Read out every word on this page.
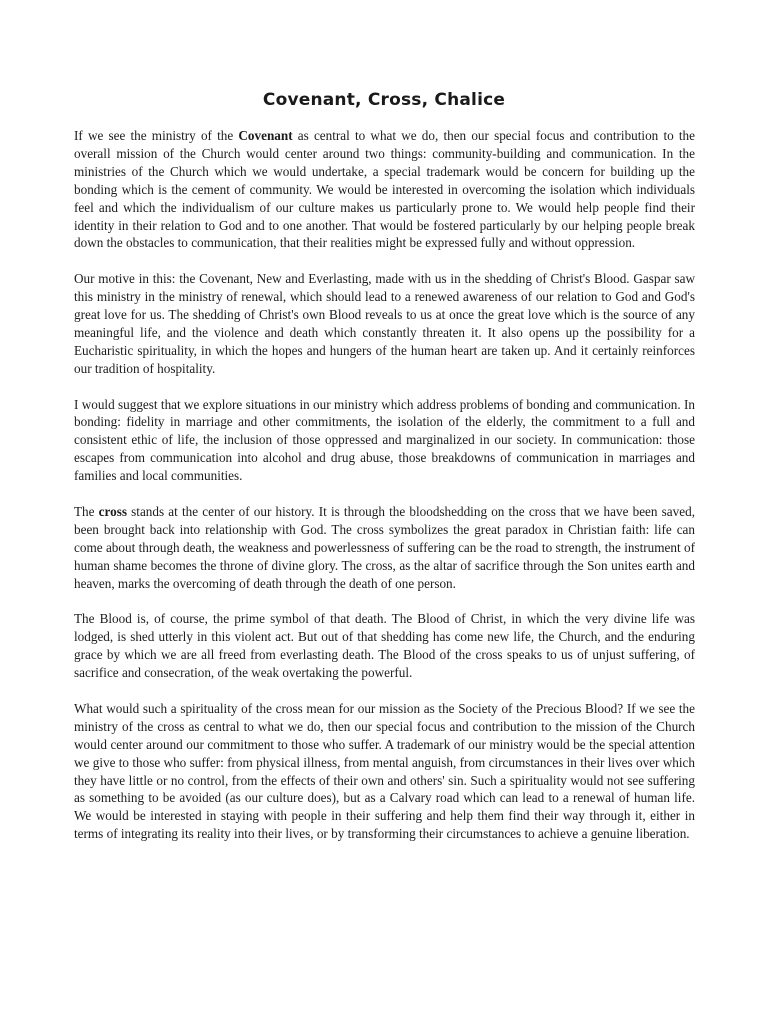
Covenant, Cross, Chalice

If we see the ministry of the Covenant as central to what we do, then our special focus and contribution to the overall mission of the Church would center around two things: community-building and communication. In the ministries of the Church which we would undertake, a special trademark would be concern for building up the bonding which is the cement of community. We would be interested in overcoming the isolation which individuals feel and which the individualism of our culture makes us particularly prone to. We would help people find their identity in their relation to God and to one another. That would be fostered particularly by our helping people break down the obstacles to communication, that their realities might be expressed fully and without oppression.

Our motive in this: the Covenant, New and Everlasting, made with us in the shedding of Christ's Blood. Gaspar saw this ministry in the ministry of renewal, which should lead to a renewed awareness of our relation to God and God's great love for us. The shedding of Christ's own Blood reveals to us at once the great love which is the source of any meaningful life, and the violence and death which constantly threaten it. It also opens up the possibility for a Eucharistic spirituality, in which the hopes and hungers of the human heart are taken up. And it certainly reinforces our tradition of hospitality.

I would suggest that we explore situations in our ministry which address problems of bonding and communication. In bonding: fidelity in marriage and other commitments, the isolation of the elderly, the commitment to a full and consistent ethic of life, the inclusion of those oppressed and marginalized in our society. In communication: those escapes from communication into alcohol and drug abuse, those breakdowns of communication in marriages and families and local communities.

The cross stands at the center of our history. It is through the bloodshedding on the cross that we have been saved, been brought back into relationship with God. The cross symbolizes the great paradox in Christian faith: life can come about through death, the weakness and powerlessness of suffering can be the road to strength, the instrument of human shame becomes the throne of divine glory. The cross, as the altar of sacrifice through the Son unites earth and heaven, marks the overcoming of death through the death of one person.

The Blood is, of course, the prime symbol of that death. The Blood of Christ, in which the very divine life was lodged, is shed utterly in this violent act. But out of that shedding has come new life, the Church, and the enduring grace by which we are all freed from everlasting death. The Blood of the cross speaks to us of unjust suffering, of sacrifice and consecration, of the weak overtaking the powerful.

What would such a spirituality of the cross mean for our mission as the Society of the Precious Blood? If we see the ministry of the cross as central to what we do, then our special focus and contribution to the mission of the Church would center around our commitment to those who suffer. A trademark of our ministry would be the special attention we give to those who suffer: from physical illness, from mental anguish, from circumstances in their lives over which they have little or no control, from the effects of their own and others' sin. Such a spirituality would not see suffering as something to be avoided (as our culture does), but as a Calvary road which can lead to a renewal of human life. We would be interested in staying with people in their suffering and help them find their way through it, either in terms of integrating its reality into their lives, or by transforming their circumstances to achieve a genuine liberation.
